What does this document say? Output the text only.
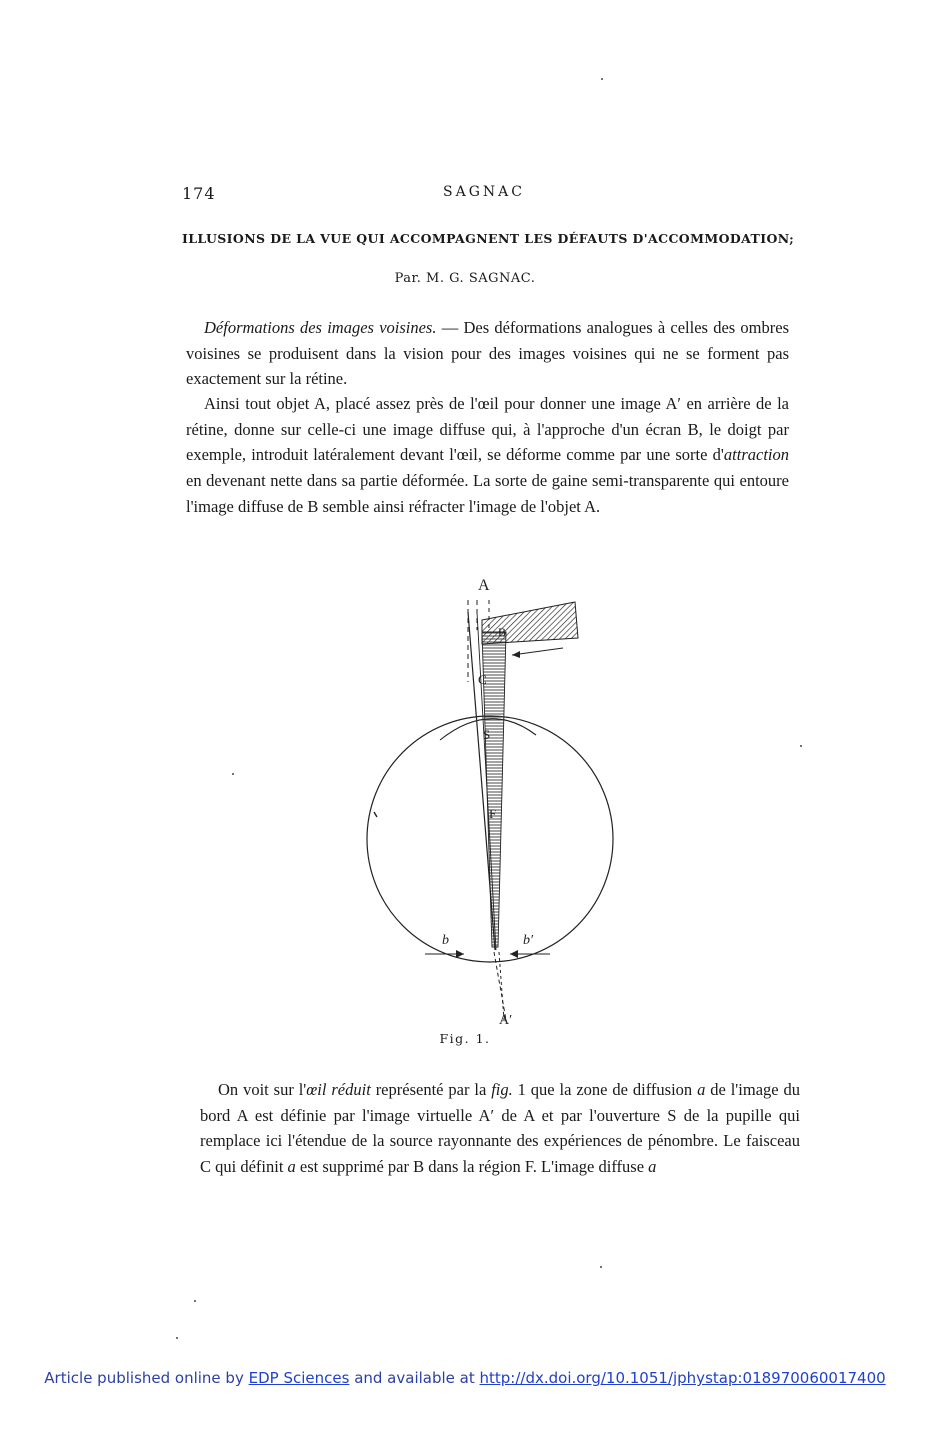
174	SAGNAC
ILLUSIONS DE LA VUE QUI ACCOMPAGNENT LES DÉFAUTS D'ACCOMMODATION;
Par. M. G. SAGNAC.

Déformations des images voisines. — Des déformations analogues à celles des ombres voisines se produisent dans la vision pour des images voisines qui ne se forment pas exactement sur la rétine.

Ainsi tout objet A, placé assez près de l'œil pour donner une image A′ en arrière de la rétine, donne sur celle-ci une image diffuse qui, à l'approche d'un écran B, le doigt par exemple, introduit latéralement devant l'œil, se déforme comme par une sorte d'attraction en devenant nette dans sa partie déformée. La sorte de gaine semi-transparente qui entoure l'image diffuse de B semble ainsi réfracter l'image de l'objet A.

A
B
C
S
F
b	b′
A′
Fig. 1.

On voit sur l'œil réduit représenté par la fig. 1 que la zone de diffusion a de l'image du bord A est définie par l'image virtuelle A′ de A et par l'ouverture S de la pupille qui remplace ici l'étendue de la source rayonnante des expériences de pénombre. Le faisceau C qui définit a est supprimé par B dans la région F. L'image diffuse a

Article published online by EDP Sciences and available at http://dx.doi.org/10.1051/jphystap:018970060017400
